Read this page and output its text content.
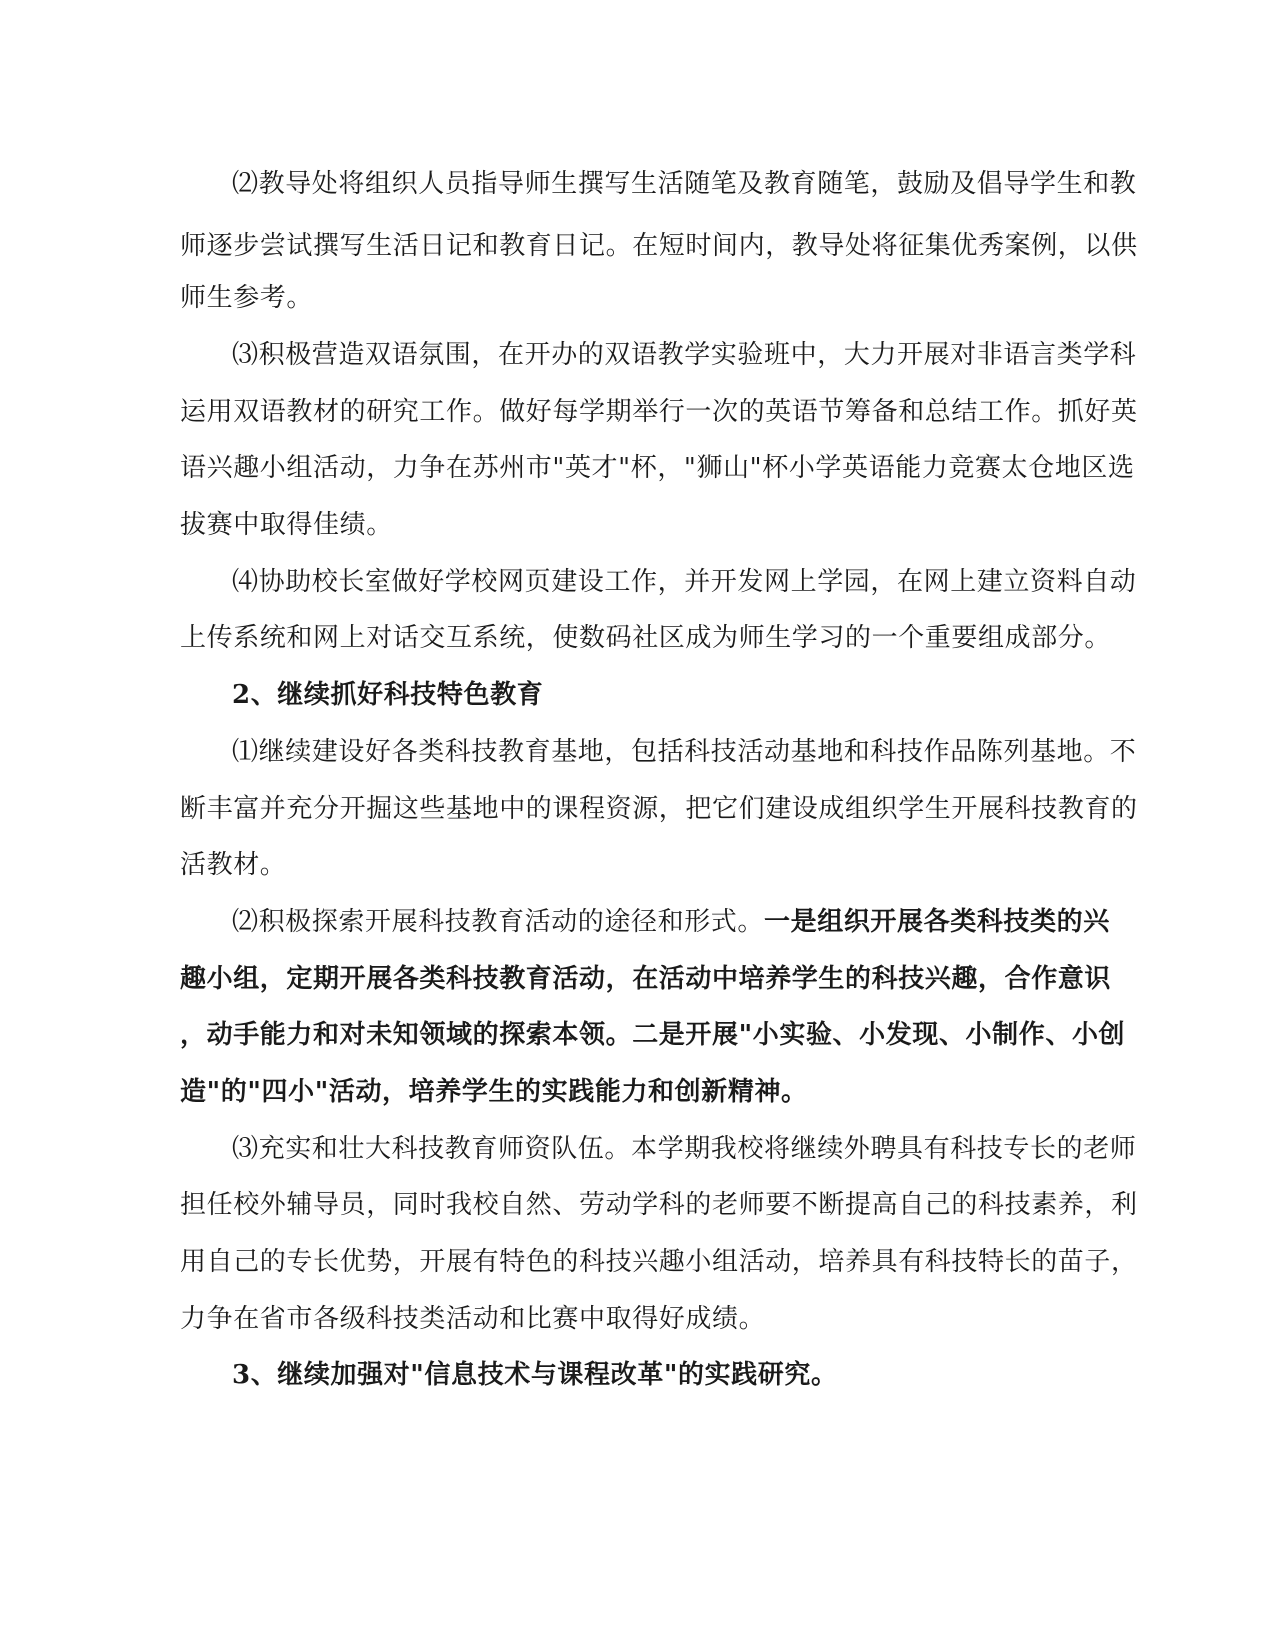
⑵教导处将组织人员指导师生撰写生活随笔及教育随笔，鼓励及倡导学生和教
师逐步尝试撰写生活日记和教育日记。在短时间内，教导处将征集优秀案例，以供
师生参考。
⑶积极营造双语氛围，在开办的双语教学实验班中，大力开展对非语言类学科
运用双语教材的研究工作。做好每学期举行一次的英语节筹备和总结工作。抓好英
语兴趣小组活动，力争在苏州市"英才"杯，"狮山"杯小学英语能力竞赛太仓地区选
拔赛中取得佳绩。
⑷协助校长室做好学校网页建设工作，并开发网上学园，在网上建立资料自动
上传系统和网上对话交互系统，使数码社区成为师生学习的一个重要组成部分。
2、继续抓好科技特色教育
⑴继续建设好各类科技教育基地，包括科技活动基地和科技作品陈列基地。不
断丰富并充分开掘这些基地中的课程资源，把它们建设成组织学生开展科技教育的
活教材。
⑵积极探索开展科技教育活动的途径和形式。一是组织开展各类科技类的兴
趣小组，定期开展各类科技教育活动，在活动中培养学生的科技兴趣，合作意识
，动手能力和对未知领域的探索本领。二是开展"小实验、小发现、小制作、小创
造"的"四小"活动，培养学生的实践能力和创新精神。
⑶充实和壮大科技教育师资队伍。本学期我校将继续外聘具有科技专长的老师
担任校外辅导员，同时我校自然、劳动学科的老师要不断提高自己的科技素养，利
用自己的专长优势，开展有特色的科技兴趣小组活动，培养具有科技特长的苗子，
力争在省市各级科技类活动和比赛中取得好成绩。
3、继续加强对"信息技术与课程改革"的实践研究。
